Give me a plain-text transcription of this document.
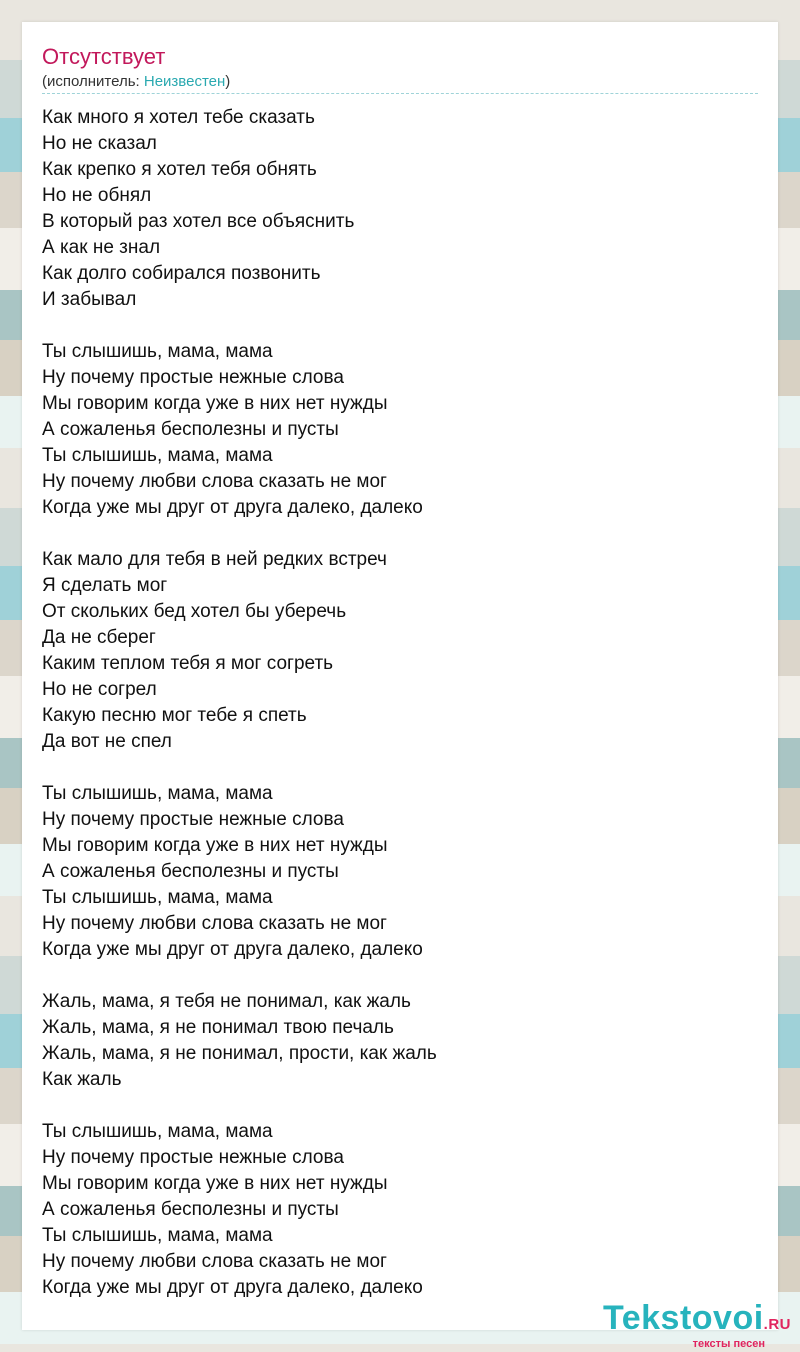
Отсутствует
(исполнитель: Неизвестен)
Как много я хотел тебе сказать
Но не сказал
Как крепко я хотел тебя обнять
Но не обнял
В который раз хотел все объяснить
А как не знал
Как долго собирался позвонить
И забывал
Ты слышишь, мама, мама
Ну почему простые нежные слова
Мы говорим когда уже в них нет нужды
А сожаленья бесполезны и пусты
Ты слышишь, мама, мама
Ну почему любви слова сказать не мог
Когда уже мы друг от друга далеко, далеко
Как мало для тебя в ней редких встреч
Я сделать мог
От скольких бед хотел бы уберечь
Да не сберег
Каким теплом тебя я мог согреть
Но не согрел
Какую песню мог тебе я спеть
Да вот не спел
Ты слышишь, мама, мама
Ну почему простые нежные слова
Мы говорим когда уже в них нет нужды
А сожаленья бесполезны и пусты
Ты слышишь, мама, мама
Ну почему любви слова сказать не мог
Когда уже мы друг от друга далеко, далеко
Жаль, мама, я тебя не понимал, как жаль
Жаль, мама, я не понимал твою печаль
Жаль, мама, я не понимал, прости, как жаль
Как жаль
Ты слышишь, мама, мама
Ну почему простые нежные слова
Мы говорим когда уже в них нет нужды
А сожаленья бесполезны и пусты
Ты слышишь, мама, мама
Ну почему любви слова сказать не мог
Когда уже мы друг от друга далеко, далеко
Tekstovoi.RU
тексты песен
